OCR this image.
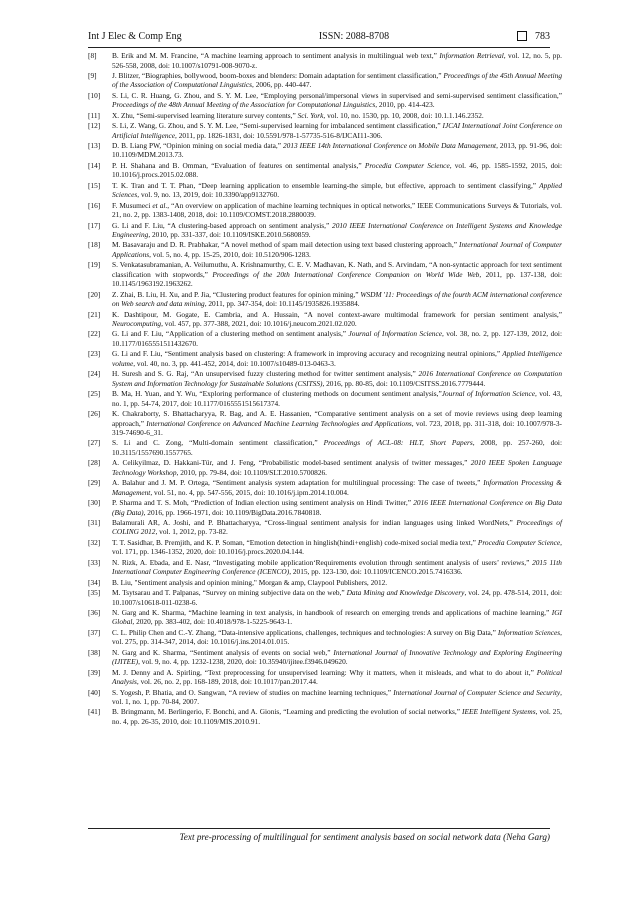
Int J Elec & Comp Eng	ISSN: 2088-8708	783
[8]	B. Erik and M. M. Francine, “A machine learning approach to sentiment analysis in multilingual web text,” Information Retrieval, vol. 12, no. 5, pp. 526-558, 2008, doi: 10.1007/s10791-008-9070-z.
[9]	J. Blitzer, “Biographies, bollywood, boom-boxes and blenders: Domain adaptation for sentiment classification,” Proceedings of the 45th Annual Meeting of the Association of Computational Linguistics, 2006, pp. 440-447.
[10]	S. Li, C. R. Huang, G. Zhou, and S. Y. M. Lee, “Employing personal/impersonal views in supervised and semi-supervised sentiment classification,” Proceedings of the 48th Annual Meeting of the Association for Computational Linguistics, 2010, pp. 414-423.
[11]	X. Zhu, “Semi-supervised learning literature survey contents,” Sci. York, vol. 10, no. 1530, pp. 10, 2008, doi: 10.1.1.146.2352.
[12]	S. Li, Z. Wang, G. Zhou, and S. Y. M. Lee, “Semi-supervised learning for imbalanced sentiment classification,” IJCAI International Joint Conference on Artificial Intelligence, 2011, pp. 1826-1831, doi: 10.5591/978-1-57735-516-8/IJCAI11-306.
[13]	D. B. Liang PW, “Opinion mining on social media data,” 2013 IEEE 14th International Conference on Mobile Data Management, 2013, pp. 91-96, doi: 10.1109/MDM.2013.73.
[14]	P. H. Shahana and B. Omman, “Evaluation of features on sentimental analysis,” Procedia Computer Science, vol. 46, pp. 1585-1592, 2015, doi: 10.1016/j.procs.2015.02.088.
[15]	T. K. Tran and T. T. Phan, “Deep learning application to ensemble learning-the simple, but effective, approach to sentiment classifying,” Applied Sciences, vol. 9, no. 13, 2019, doi: 10.3390/app9132760.
[16]	F. Musumeci et al., “An overview on application of machine learning techniques in optical networks,” IEEE Communications Surveys & Tutorials, vol. 21, no. 2, pp. 1383-1408, 2018, doi: 10.1109/COMST.2018.2880039.
[17]	G. Li and F. Liu, “A clustering-based approach on sentiment analysis,” 2010 IEEE International Conference on Intelligent Systems and Knowledge Engineering, 2010, pp. 331-337, doi: 10.1109/ISKE.2010.5680859.
[18]	M. Basavaraju and D. R. Prabhakar, “A novel method of spam mail detection using text based clustering approach,” International Journal of Computer Applications, vol. 5, no. 4, pp. 15-25, 2010, doi: 10.5120/906-1283.
[19]	S. Venkatasubramanian, A. Veilumuthu, A. Krishnamurthy, C. E. V. Madhavan, K. Nath, and S. Arvindam, “A non-syntactic approach for text sentiment classification with stopwords,” Proceedings of the 20th International Conference Companion on World Wide Web, 2011, pp. 137-138, doi: 10.1145/1963192.1963262.
[20]	Z. Zhai, B. Liu, H. Xu, and P. Jia, “Clustering product features for opinion mining,” WSDM '11: Proceedings of the fourth ACM international conference on Web search and data mining, 2011, pp. 347-354, doi: 10.1145/1935826.1935884.
[21]	K. Dashtipour, M. Gogate, E. Cambria, and A. Hussain, “A novel context-aware multimodal framework for persian sentiment analysis,” Neurocomputing, vol. 457, pp. 377-388, 2021, doi: 10.1016/j.neucom.2021.02.020.
[22]	G. Li and F. Liu, “Application of a clustering method on sentiment analysis,” Journal of Information Science, vol. 38, no. 2, pp. 127-139, 2012, doi: 10.1177/0165551511432670.
[23]	G. Li and F. Liu, “Sentiment analysis based on clustering: A framework in improving accuracy and recognizing neutral opinions,” Applied Intelligence volume, vol. 40, no. 3, pp. 441-452, 2014, doi: 10.1007/s10489-013-0463-3.
[24]	H. Suresh and S. G. Raj, “An unsupervised fuzzy clustering method for twitter sentiment analysis,” 2016 International Conference on Computation System and Information Technology for Sustainable Solutions (CSITSS), 2016, pp. 80-85, doi: 10.1109/CSITSS.2016.7779444.
[25]	B. Ma, H. Yuan, and Y. Wu, “Exploring performance of clustering methods on document sentiment analysis,”Journal of Information Science, vol. 43, no. 1, pp. 54-74, 2017, doi: 10.1177/0165551515617374.
[26]	K. Chakraborty, S. Bhattacharyya, R. Bag, and A. E. Hassanien, “Comparative sentiment analysis on a set of movie reviews using deep learning approach,” International Conference on Advanced Machine Learning Technologies and Applications, vol. 723, 2018, pp. 311-318, doi: 10.1007/978-3-319-74690-6_31.
[27]	S. Li and C. Zong, “Multi-domain sentiment classification,” Proceedings of ACL-08: HLT, Short Papers, 2008, pp. 257-260, doi: 10.3115/1557690.1557765.
[28]	A. Celikyilmaz, D. Hakkani-Tür, and J. Feng, “Probabilistic model-based sentiment analysis of twitter messages,” 2010 IEEE Spoken Language Technology Workshop, 2010, pp. 79-84, doi: 10.1109/SLT.2010.5700826.
[29]	A. Balahur and J. M. P. Ortega, “Sentiment analysis system adaptation for multilingual processing: The case of tweets,” Information Processing & Management, vol. 51, no. 4, pp. 547-556, 2015, doi: 10.1016/j.ipm.2014.10.004.
[30]	P. Sharma and T. S. Moh, “Prediction of Indian election using sentiment analysis on Hindi Twitter,” 2016 IEEE International Conference on Big Data (Big Data), 2016, pp. 1966-1971, doi: 10.1109/BigData.2016.7840818.
[31]	Balamurali AR, A. Joshi, and P. Bhattacharyya, “Cross-lingual sentiment analysis for indian languages using linked WordNets,” Proceedings of COLING 2012, vol. 1, 2012, pp. 73-82.
[32]	T. T. Sasidhar, B. Premjith, and K. P. Soman, “Emotion detection in hinglish(hindi+english) code-mixed social media text,” Procedia Computer Science, vol. 171, pp. 1346-1352, 2020, doi: 10.1016/j.procs.2020.04.144.
[33]	N. Rizk, A. Ebada, and E. Nasr, “Investigating mobile application‘Requirements evolution through sentiment analysis of users’ reviews,” 2015 11th International Computer Engineering Conference (ICENCO), 2015, pp. 123-130, doi: 10.1109/ICENCO.2015.7416336.
[34]	B. Liu, "Sentiment analysis and opinion mining," Morgan & amp, Claypool Publishers, 2012.
[35]	M. Tsytsarau and T. Palpanas, “Survey on mining subjective data on the web,” Data Mining and Knowledge Discovery, vol. 24, pp. 478-514, 2011, doi: 10.1007/s10618-011-0238-6.
[36]	N. Garg and K. Sharma, “Machine learning in text analysis, in handbook of research on emerging trends and applications of machine learning,” IGI Global, 2020, pp. 383-402, doi: 10.4018/978-1-5225-9643-1.
[37]	C. L. Philip Chen and C.-Y. Zhang, “Data-intensive applications, challenges, techniques and technologies: A survey on Big Data,” Information Sciences, vol. 275, pp. 314-347, 2014, doi: 10.1016/j.ins.2014.01.015.
[38]	N. Garg and K. Sharma, “Sentiment analysis of events on social web,” International Journal of Innovative Technology and Exploring Engineering (IJITEE), vol. 9, no. 4, pp. 1232-1238, 2020, doi: 10.35940/ijitee.f3946.049620.
[39]	M. J. Denny and A. Spirling, “Text preprocessing for unsupervised learning: Why it matters, when it misleads, and what to do about it,” Political Analysis, vol. 26, no. 2, pp. 168-189, 2018, doi: 10.1017/pan.2017.44.
[40]	S. Yogesh, P. Bhatia, and O. Sangwan, “A review of studies on machine learning techniques,” International Journal of Computer Science and Security, vol. 1, no. 1, pp. 70-84, 2007.
[41]	B. Bringmann, M. Berlingerio, F. Bonchi, and A. Gionis, “Learning and predicting the evolution of social networks,” IEEE Intelligent Systems, vol. 25, no. 4, pp. 26-35, 2010, doi: 10.1109/MIS.2010.91.
Text pre-processing of multilingual for sentiment analysis based on social network data (Neha Garg)
